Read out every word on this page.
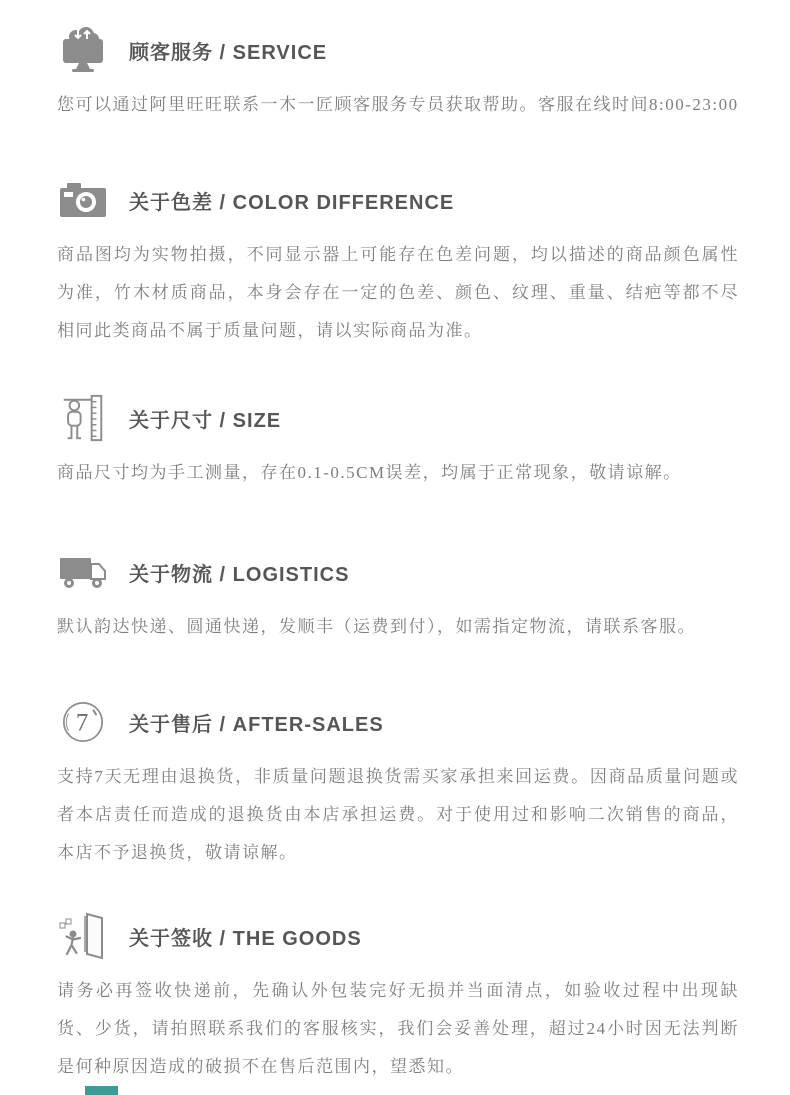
顾客服务 / SERVICE

您可以通过阿里旺旺联系一木一匠顾客服务专员获取帮助。客服在线时间8:00-23:00

关于色差 / COLOR DIFFERENCE

商品图均为实物拍摄，不同显示器上可能存在色差问题，均以描述的商品颜色属性为准，竹木材质商品，本身会存在一定的色差、颜色、纹理、重量、结疤等都不尽相同此类商品不属于质量问题，请以实际商品为准。

关于尺寸 / SIZE

商品尺寸均为手工测量，存在0.1-0.5CM误差，均属于正常现象，敬请谅解。

关于物流 / LOGISTICS

默认韵达快递、圆通快递，发顺丰（运费到付），如需指定物流，请联系客服。

7 关于售后 / AFTER-SALES

支持7天无理由退换货，非质量问题退换货需买家承担来回运费。因商品质量问题或者本店责任而造成的退换货由本店承担运费。对于使用过和影响二次销售的商品，本店不予退换货，敬请谅解。

关于签收 / THE GOODS

请务必再签收快递前，先确认外包装完好无损并当面清点，如验收过程中出现缺货、少货，请拍照联系我们的客服核实，我们会妥善处理，超过24小时因无法判断是何种原因造成的破损不在售后范围内，望悉知。
